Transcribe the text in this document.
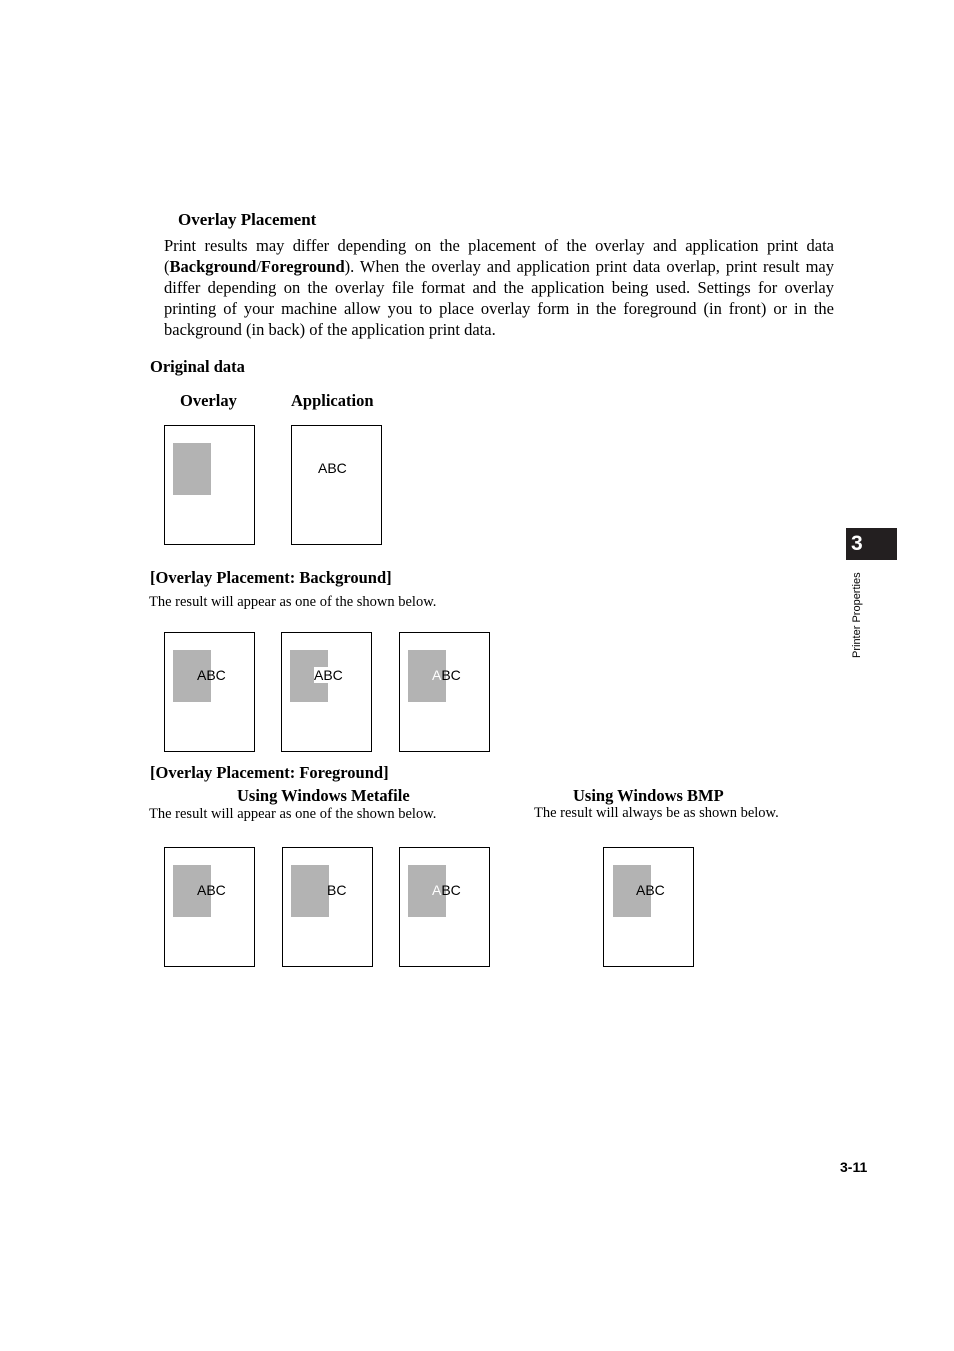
Overlay Placement

Print results may differ depending on the placement of the overlay and application print data (Background/Foreground). When the overlay and application print data overlap, print result may differ depending on the overlay file format and the application being used. Settings for overlay printing of your machine allow you to place overlay form in the foreground (in front) or in the background (in back) of the application print data.

Original data
Overlay	Application
ABC
[Overlay Placement: Background]
The result will appear as one of the shown below.
ABC	ABC	ABC
[Overlay Placement: Foreground]
Using Windows Metafile
The result will appear as one of the shown below.
Using Windows BMP
The result will always be as shown below.
ABC	BC	ABC	ABC
3
Printer Properties
3-11
